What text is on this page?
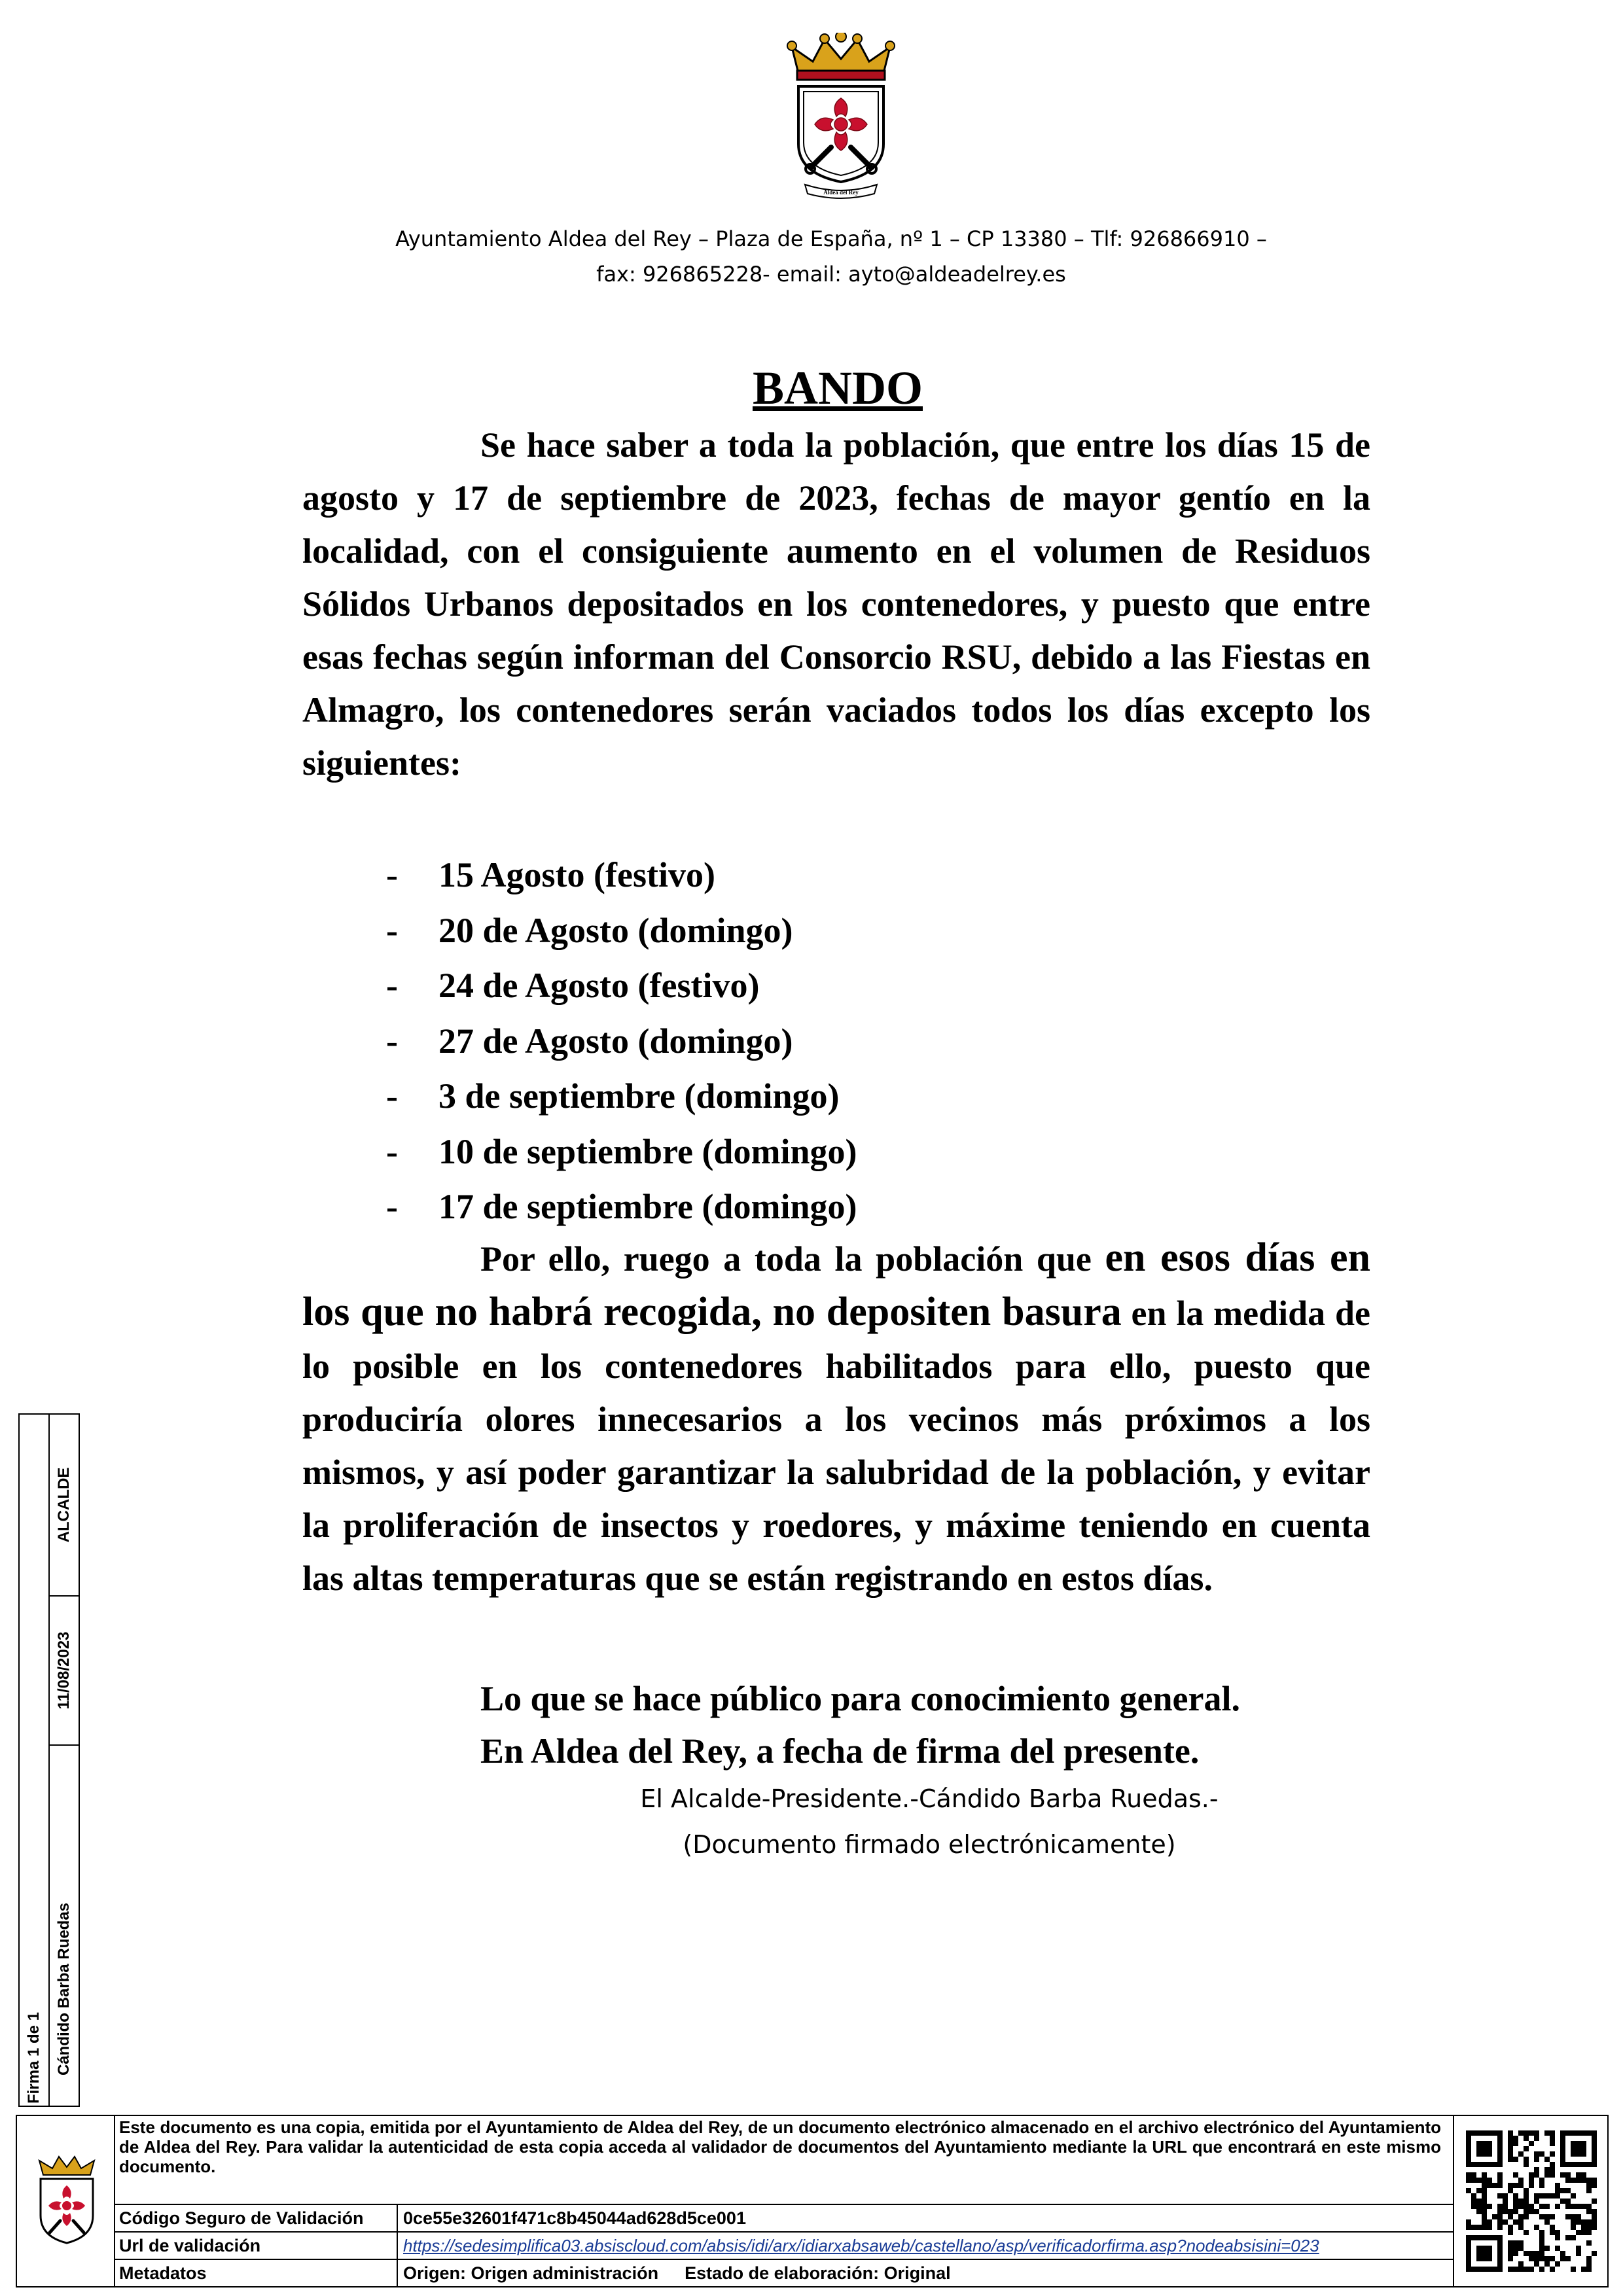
Aldea del Rey
Ayuntamiento Aldea del Rey – Plaza de España, nº 1 – CP 13380 – Tlf: 926866910 –
fax: 926865228- email: ayto@aldeadelrey.es
BANDO
Se hace saber a toda la población, que entre los días 15 de agosto y 17 de septiembre de 2023, fechas de mayor gentío en la localidad, con el consiguiente aumento en el volumen de Residuos Sólidos Urbanos depositados en los contenedores, y puesto que entre esas fechas según informan del Consorcio RSU, debido a las Fiestas en Almagro, los contenedores serán vaciados todos los días excepto los siguientes:
- 15 Agosto (festivo)
- 20 de Agosto (domingo)
- 24 de Agosto (festivo)
- 27 de Agosto (domingo)
- 3 de septiembre (domingo)
- 10 de septiembre (domingo)
- 17 de septiembre (domingo)
Por ello, ruego a toda la población que en esos días en los que no habrá recogida, no depositen basura en la medida de lo posible en los contenedores habilitados para ello, puesto que produciría olores innecesarios a los vecinos más próximos a los mismos, y así poder garantizar la salubridad de la población, y evitar la proliferación de insectos y roedores, y máxime teniendo en cuenta las altas temperaturas que se están registrando en estos días.
Lo que se hace público para conocimiento general.
En Aldea del Rey, a fecha de firma del presente.
El Alcalde-Presidente.-Cándido Barba Ruedas.-
(Documento firmado electrónicamente)
Firma 1 de 1
ALCALDE
11/08/2023
Cándido Barba Ruedas
Este documento es una copia, emitida por el Ayuntamiento de Aldea del Rey, de un documento electrónico almacenado en el archivo electrónico del Ayuntamiento de Aldea del Rey. Para validar la autenticidad de esta copia acceda al validador de documentos del Ayuntamiento mediante la URL que encontrará en este mismo documento.
Código Seguro de Validación	0ce55e32601f471c8b45044ad628d5ce001
Url de validación	https://sedesimplifica03.absiscloud.com/absis/idi/arx/idiarxabsaweb/castellano/asp/verificadorfirma.asp?nodeabsisini=023
Metadatos	Origen: Origen administración Estado de elaboración: Original
